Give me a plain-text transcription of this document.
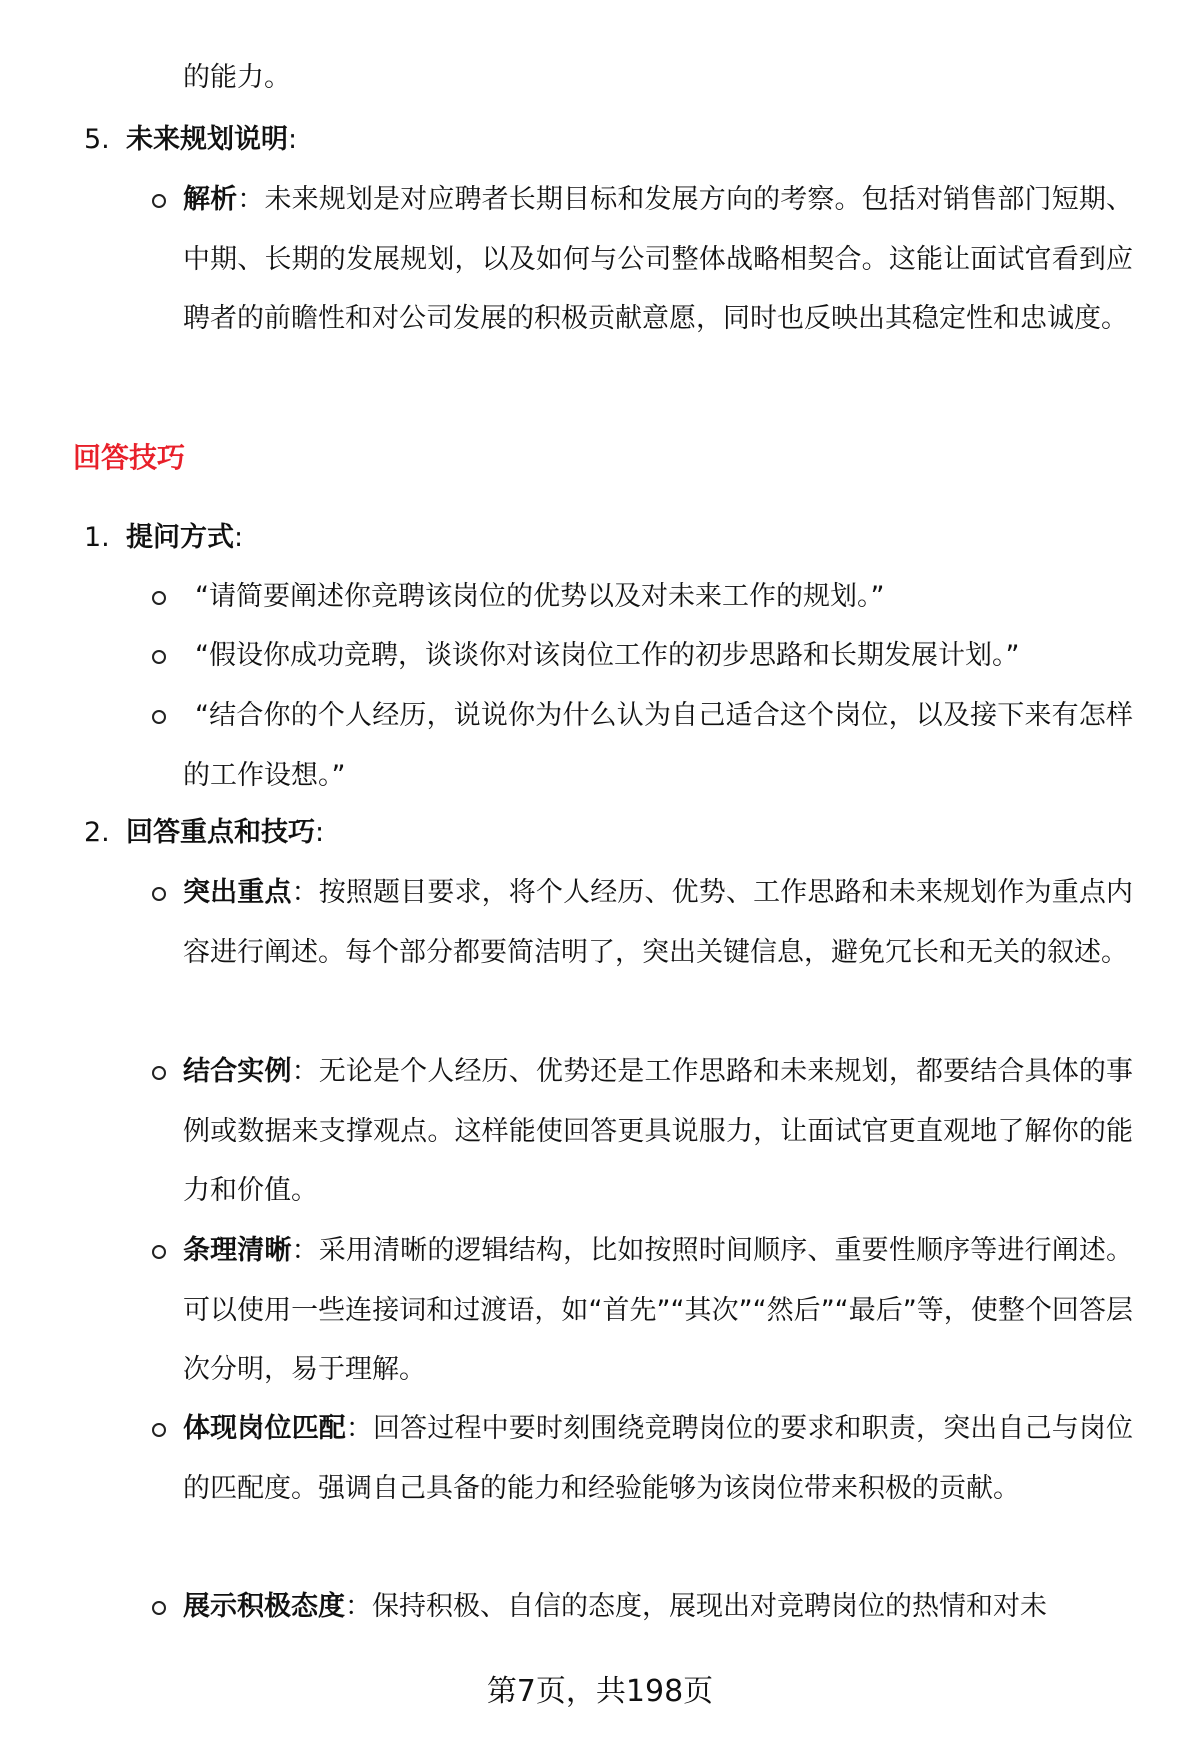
的能力。
5. 未来规划说明:
解析：未来规划是对应聘者长期目标和发展方向的考察。包括对销售部门短期、中期、长期的发展规划，以及如何与公司整体战略相契合。这能让面试官看到应聘者的前瞻性和对公司发展的积极贡献意愿，同时也反映出其稳定性和忠诚度。
回答技巧
1. 提问方式:
“请简要阐述你竞聘该岗位的优势以及对未来工作的规划。”
“假设你成功竞聘，谈谈你对该岗位工作的初步思路和长期发展计划。”
“结合你的个人经历，说说你为什么认为自己适合这个岗位，以及接下来有怎样的工作设想。”
2. 回答重点和技巧:
突出重点：按照题目要求，将个人经历、优势、工作思路和未来规划作为重点内容进行阐述。每个部分都要简洁明了，突出关键信息，避免冗长和无关的叙述。
结合实例：无论是个人经历、优势还是工作思路和未来规划，都要结合具体的事例或数据来支撑观点。这样能使回答更具说服力，让面试官更直观地了解你的能力和价值。
条理清晰：采用清晰的逻辑结构，比如按照时间顺序、重要性顺序等进行阐述。可以使用一些连接词和过渡语，如“首先”“其次”“然后”“最后”等，使整个回答层次分明，易于理解。
体现岗位匹配：回答过程中要时刻围绕竞聘岗位的要求和职责，突出自己与岗位的匹配度。强调自己具备的能力和经验能够为该岗位带来积极的贡献。
展示积极态度：保持积极、自信的态度，展现出对竞聘岗位的热情和对未
第7页，共198页
